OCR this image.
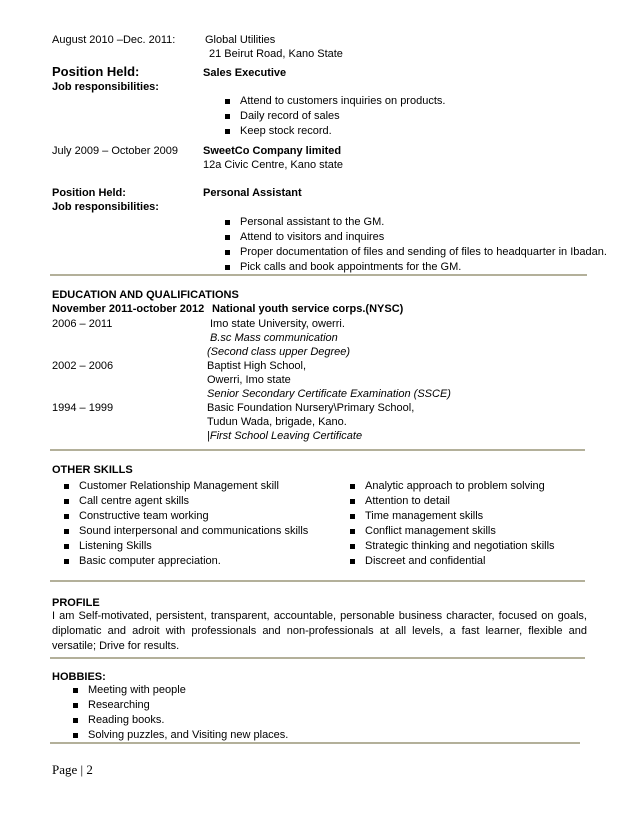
August 2010 –Dec. 2011:	Global Utilities
21 Beirut Road, Kano State
Position Held:	Sales Executive
Job responsibilities:
Attend to customers inquiries on products.
Daily record of sales
Keep stock record.
July 2009 – October 2009 SweetCo Company limited
12a Civic Centre, Kano state
Position Held:	Personal Assistant
Job responsibilities:
Personal assistant to the GM.
Attend to visitors and inquires
Proper documentation of files and sending of files to headquarter in Ibadan.
Pick calls and book appointments for the GM.
EDUCATION AND QUALIFICATIONS
November 2011-october 2012 National youth service corps.(NYSC)
2006 – 2011	Imo state University, owerri.
B.sc Mass communication
(Second class upper Degree)
2002 – 2006	Baptist High School,
Owerri, Imo state
Senior Secondary Certificate Examination (SSCE)
1994 – 1999	Basic Foundation Nursery\Primary School,
Tudun Wada, brigade, Kano.
|First School Leaving Certificate
OTHER SKILLS
Customer Relationship Management skill
Call centre agent skills
Constructive team working
Sound interpersonal and communications skills
Listening Skills
Basic computer appreciation.
Analytic approach to problem solving
Attention to detail
Time management skills
Conflict management skills
Strategic thinking and negotiation skills
Discreet and confidential
PROFILE
I am Self-motivated, persistent, transparent, accountable, personable business character, focused on goals, diplomatic and adroit with professionals and non-professionals at all levels, a fast learner, flexible and versatile; Drive for results.
HOBBIES:
Meeting with people
Researching
Reading books.
Solving puzzles, and Visiting new places.
Page | 2
